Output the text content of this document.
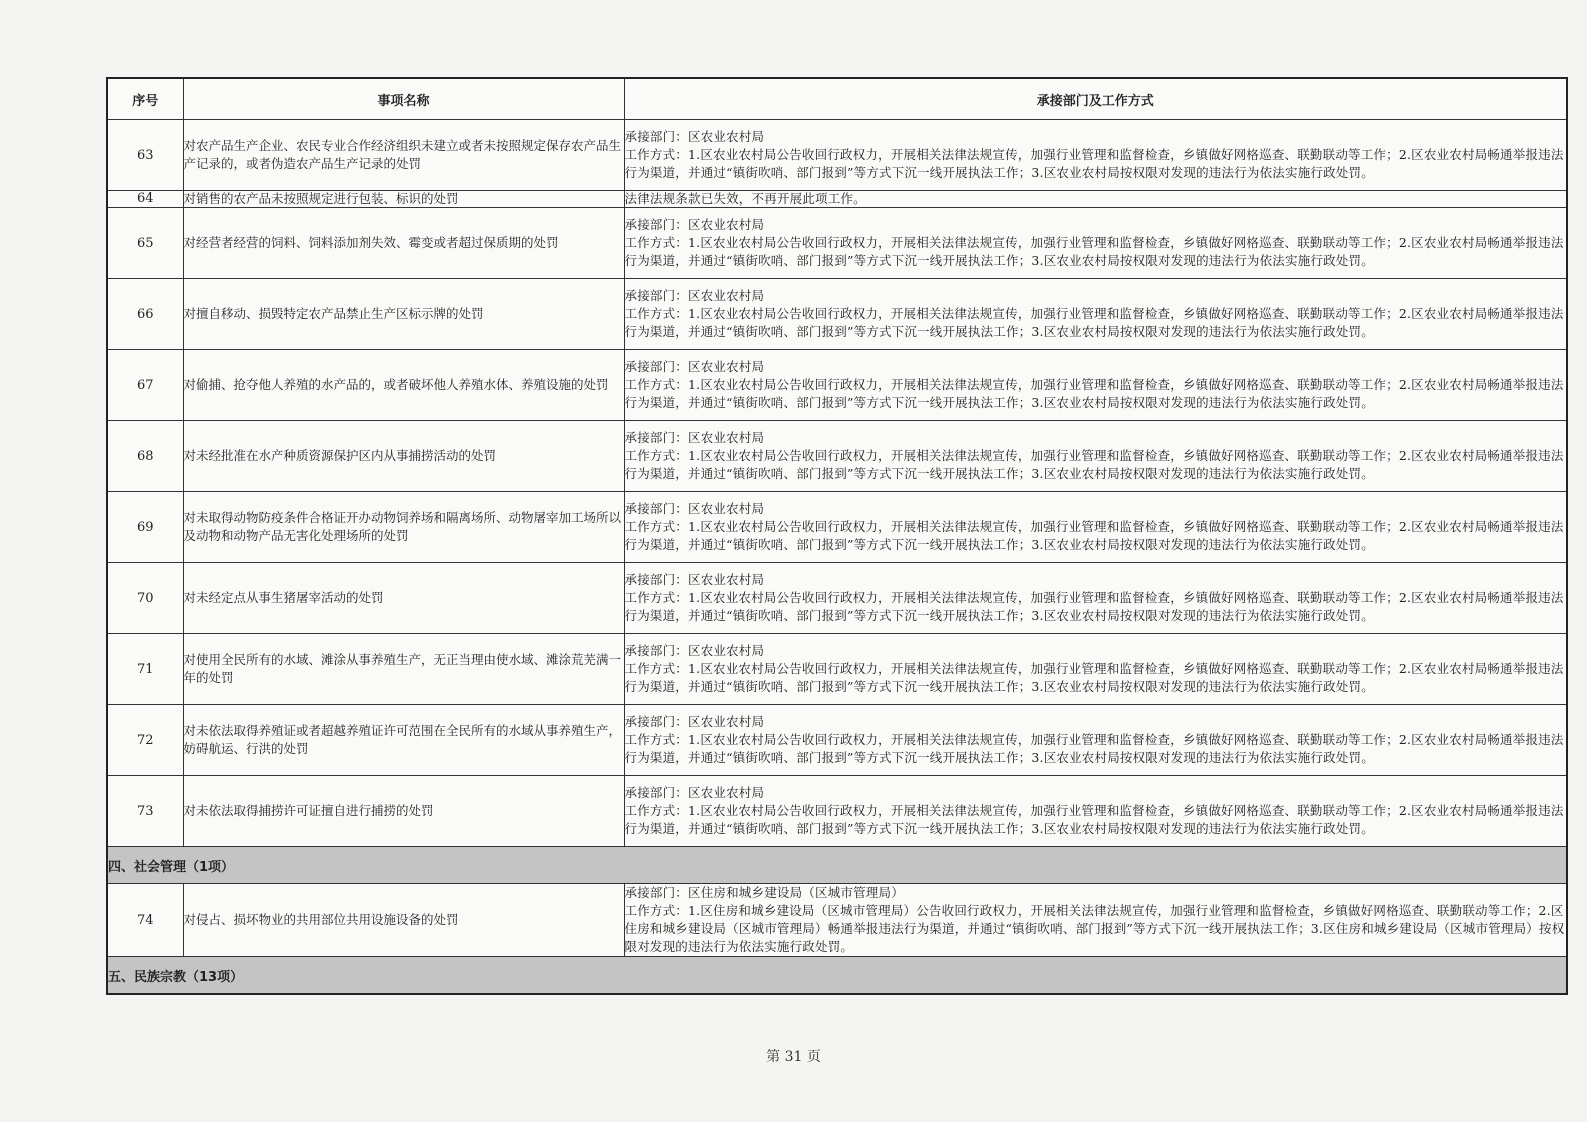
序号	事项名称	承接部门及工作方式
63	对农产品生产企业、农民专业合作经济组织未建立或者未按照规定保存农产品生产记录的，或者伪造农产品生产记录的处罚	承接部门：区农业农村局
工作方式：1.区农业农村局公告收回行政权力，开展相关法律法规宣传，加强行业管理和监督检查，乡镇做好网格巡查、联勤联动等工作；2.区农业农村局畅通举报违法行为渠道，并通过“镇街吹哨、部门报到”等方式下沉一线开展执法工作；3.区农业农村局按权限对发现的违法行为依法实施行政处罚。

64	对销售的农产品未按照规定进行包装、标识的处罚	法律法规条款已失效，不再开展此项工作。

65	对经营者经营的饲料、饲料添加剂失效、霉变或者超过保质期的处罚	承接部门：区农业农村局
工作方式：1.区农业农村局公告收回行政权力，开展相关法律法规宣传，加强行业管理和监督检查，乡镇做好网格巡查、联勤联动等工作；2.区农业农村局畅通举报违法行为渠道，并通过“镇街吹哨、部门报到”等方式下沉一线开展执法工作；3.区农业农村局按权限对发现的违法行为依法实施行政处罚。

66	对擅自移动、损毁特定农产品禁止生产区标示牌的处罚	承接部门：区农业农村局
工作方式：1.区农业农村局公告收回行政权力，开展相关法律法规宣传，加强行业管理和监督检查，乡镇做好网格巡查、联勤联动等工作；2.区农业农村局畅通举报违法行为渠道，并通过“镇街吹哨、部门报到”等方式下沉一线开展执法工作；3.区农业农村局按权限对发现的违法行为依法实施行政处罚。

67	对偷捕、抢夺他人养殖的水产品的，或者破坏他人养殖水体、养殖设施的处罚	承接部门：区农业农村局
工作方式：1.区农业农村局公告收回行政权力，开展相关法律法规宣传，加强行业管理和监督检查，乡镇做好网格巡查、联勤联动等工作；2.区农业农村局畅通举报违法行为渠道，并通过“镇街吹哨、部门报到”等方式下沉一线开展执法工作；3.区农业农村局按权限对发现的违法行为依法实施行政处罚。

68	对未经批准在水产种质资源保护区内从事捕捞活动的处罚	承接部门：区农业农村局
工作方式：1.区农业农村局公告收回行政权力，开展相关法律法规宣传，加强行业管理和监督检查，乡镇做好网格巡查、联勤联动等工作；2.区农业农村局畅通举报违法行为渠道，并通过“镇街吹哨、部门报到”等方式下沉一线开展执法工作；3.区农业农村局按权限对发现的违法行为依法实施行政处罚。

69	对未取得动物防疫条件合格证开办动物饲养场和隔离场所、动物屠宰加工场所以及动物和动物产品无害化处理场所的处罚	承接部门：区农业农村局
工作方式：1.区农业农村局公告收回行政权力，开展相关法律法规宣传，加强行业管理和监督检查，乡镇做好网格巡查、联勤联动等工作；2.区农业农村局畅通举报违法行为渠道，并通过“镇街吹哨、部门报到”等方式下沉一线开展执法工作；3.区农业农村局按权限对发现的违法行为依法实施行政处罚。

70	对未经定点从事生猪屠宰活动的处罚	承接部门：区农业农村局
工作方式：1.区农业农村局公告收回行政权力，开展相关法律法规宣传，加强行业管理和监督检查，乡镇做好网格巡查、联勤联动等工作；2.区农业农村局畅通举报违法行为渠道，并通过“镇街吹哨、部门报到”等方式下沉一线开展执法工作；3.区农业农村局按权限对发现的违法行为依法实施行政处罚。

71	对使用全民所有的水域、滩涂从事养殖生产，无正当理由使水域、滩涂荒芜满一年的处罚	承接部门：区农业农村局
工作方式：1.区农业农村局公告收回行政权力，开展相关法律法规宣传，加强行业管理和监督检查，乡镇做好网格巡查、联勤联动等工作；2.区农业农村局畅通举报违法行为渠道，并通过“镇街吹哨、部门报到”等方式下沉一线开展执法工作；3.区农业农村局按权限对发现的违法行为依法实施行政处罚。

72	对未依法取得养殖证或者超越养殖证许可范围在全民所有的水域从事养殖生产，妨碍航运、行洪的处罚	承接部门：区农业农村局
工作方式：1.区农业农村局公告收回行政权力，开展相关法律法规宣传，加强行业管理和监督检查，乡镇做好网格巡查、联勤联动等工作；2.区农业农村局畅通举报违法行为渠道，并通过“镇街吹哨、部门报到”等方式下沉一线开展执法工作；3.区农业农村局按权限对发现的违法行为依法实施行政处罚。

73	对未依法取得捕捞许可证擅自进行捕捞的处罚	承接部门：区农业农村局
工作方式：1.区农业农村局公告收回行政权力，开展相关法律法规宣传，加强行业管理和监督检查，乡镇做好网格巡查、联勤联动等工作；2.区农业农村局畅通举报违法行为渠道，并通过“镇街吹哨、部门报到”等方式下沉一线开展执法工作；3.区农业农村局按权限对发现的违法行为依法实施行政处罚。

四、社会管理（1项）		
74	对侵占、损坏物业的共用部位共用设施设备的处罚	承接部门：区住房和城乡建设局（区城市管理局）
工作方式：1.区住房和城乡建设局（区城市管理局）公告收回行政权力，开展相关法律法规宣传，加强行业管理和监督检查，乡镇做好网格巡查、联勤联动等工作；2.区住房和城乡建设局（区城市管理局）畅通举报违法行为渠道，并通过“镇街吹哨、部门报到”等方式下沉一线开展执法工作；3.区住房和城乡建设局（区城市管理局）按权限对发现的违法行为依法实施行政处罚。

五、民族宗教（13项）		
第 31 页
